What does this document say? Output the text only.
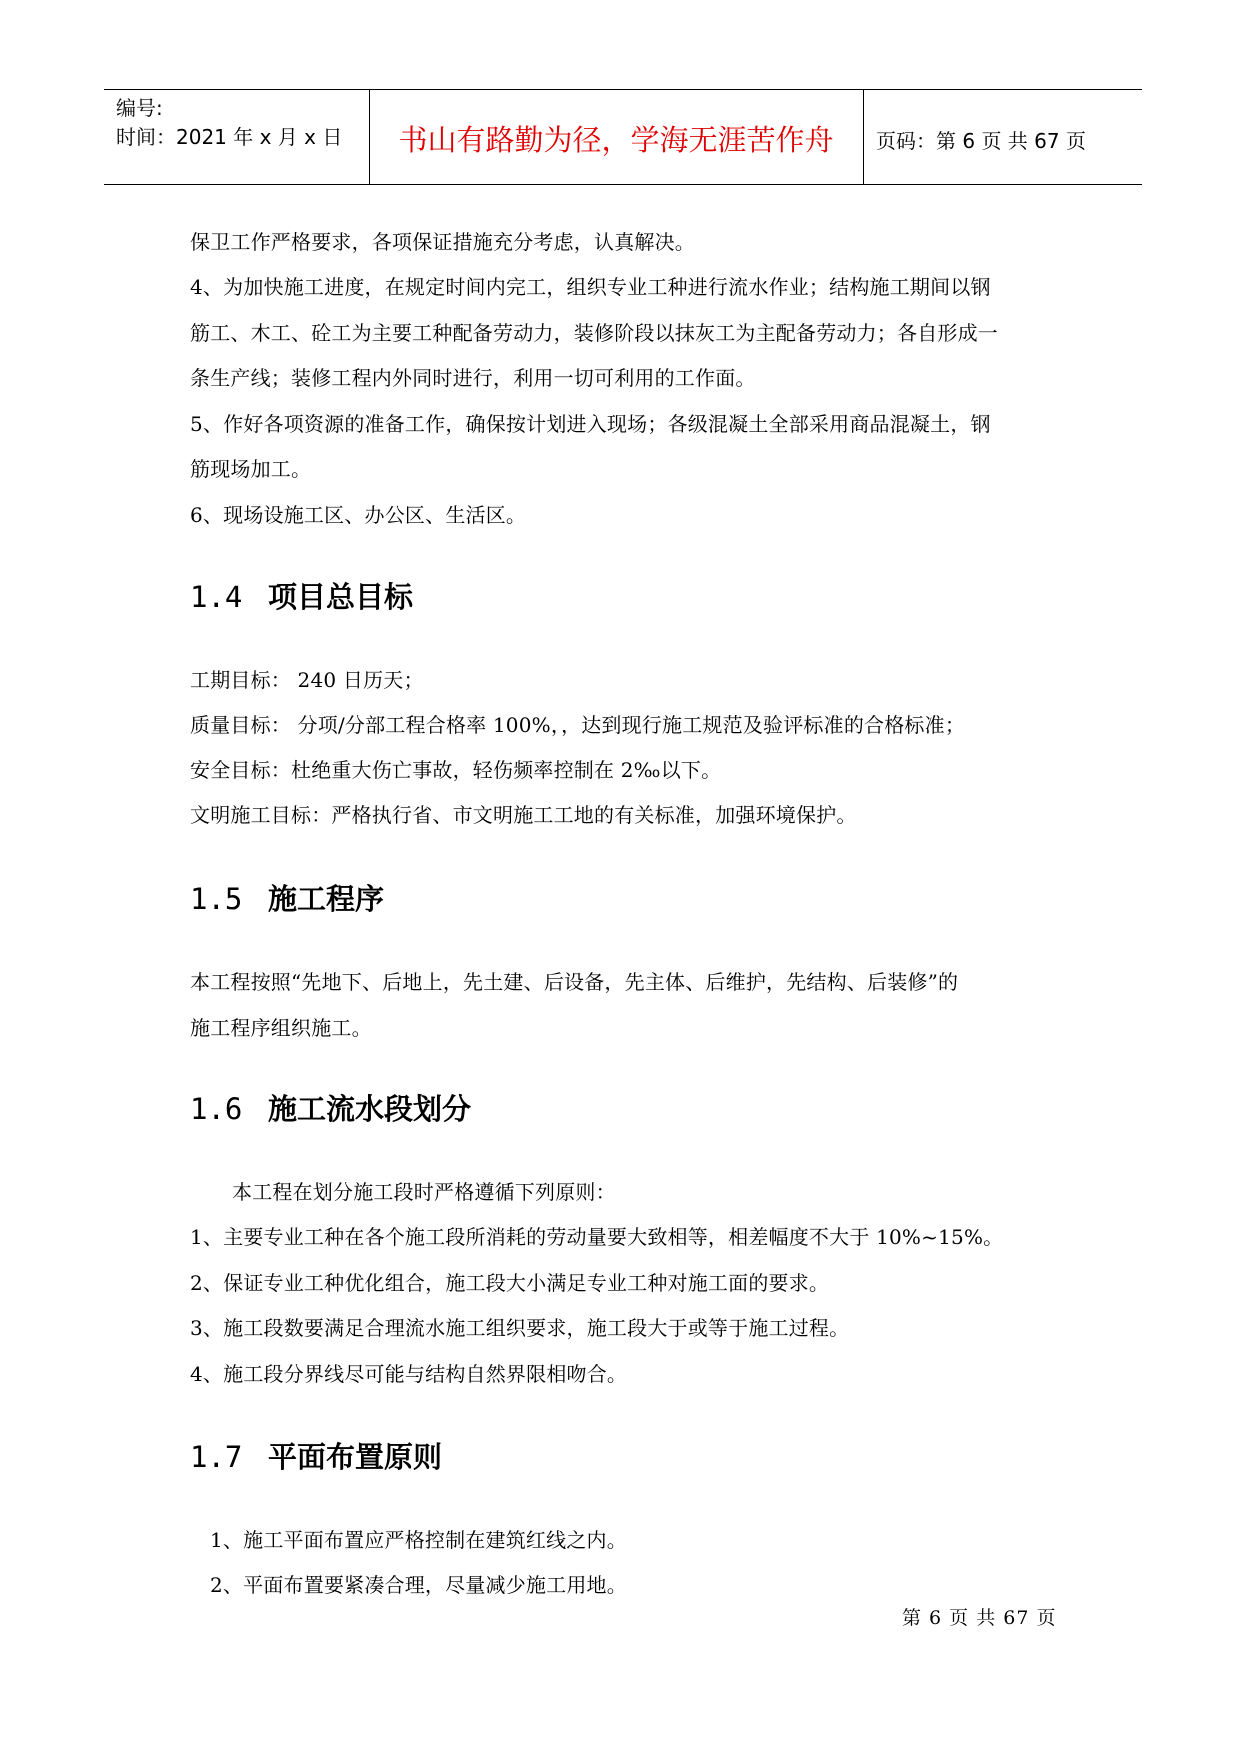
编号:
时间：2021 年 x 月 x 日	书山有路勤为径，学海无涯苦作舟	页码：第 6 页 共 67 页
保卫工作严格要求，各项保证措施充分考虑，认真解决。
4、为加快施工进度，在规定时间内完工，组织专业工种进行流水作业；结构施工期间以钢
筋工、木工、砼工为主要工种配备劳动力，装修阶段以抹灰工为主配备劳动力；各自形成一
条生产线；装修工程内外同时进行，利用一切可利用的工作面。
5、作好各项资源的准备工作，确保按计划进入现场；各级混凝土全部采用商品混凝土，钢
筋现场加工。
6、现场设施工区、办公区、生活区。
1.4 项目总目标
工期目标： 240 日历天；
质量目标： 分项/分部工程合格率 100%，，达到现行施工规范及验评标准的合格标准；
安全目标：杜绝重大伤亡事故，轻伤频率控制在 2‰以下。
文明施工目标：严格执行省、市文明施工工地的有关标准，加强环境保护。
1.5 施工程序
本工程按照“先地下、后地上，先土建、后设备，先主体、后维护，先结构、后装修”的
施工程序组织施工。
1.6 施工流水段划分
本工程在划分施工段时严格遵循下列原则：
1、主要专业工种在各个施工段所消耗的劳动量要大致相等，相差幅度不大于 10%~15%。
2、保证专业工种优化组合，施工段大小满足专业工种对施工面的要求。
3、施工段数要满足合理流水施工组织要求，施工段大于或等于施工过程。
4、施工段分界线尽可能与结构自然界限相吻合。
1.7 平面布置原则
1、施工平面布置应严格控制在建筑红线之内。
2、平面布置要紧凑合理，尽量减少施工用地。
第 6 页 共 67 页
